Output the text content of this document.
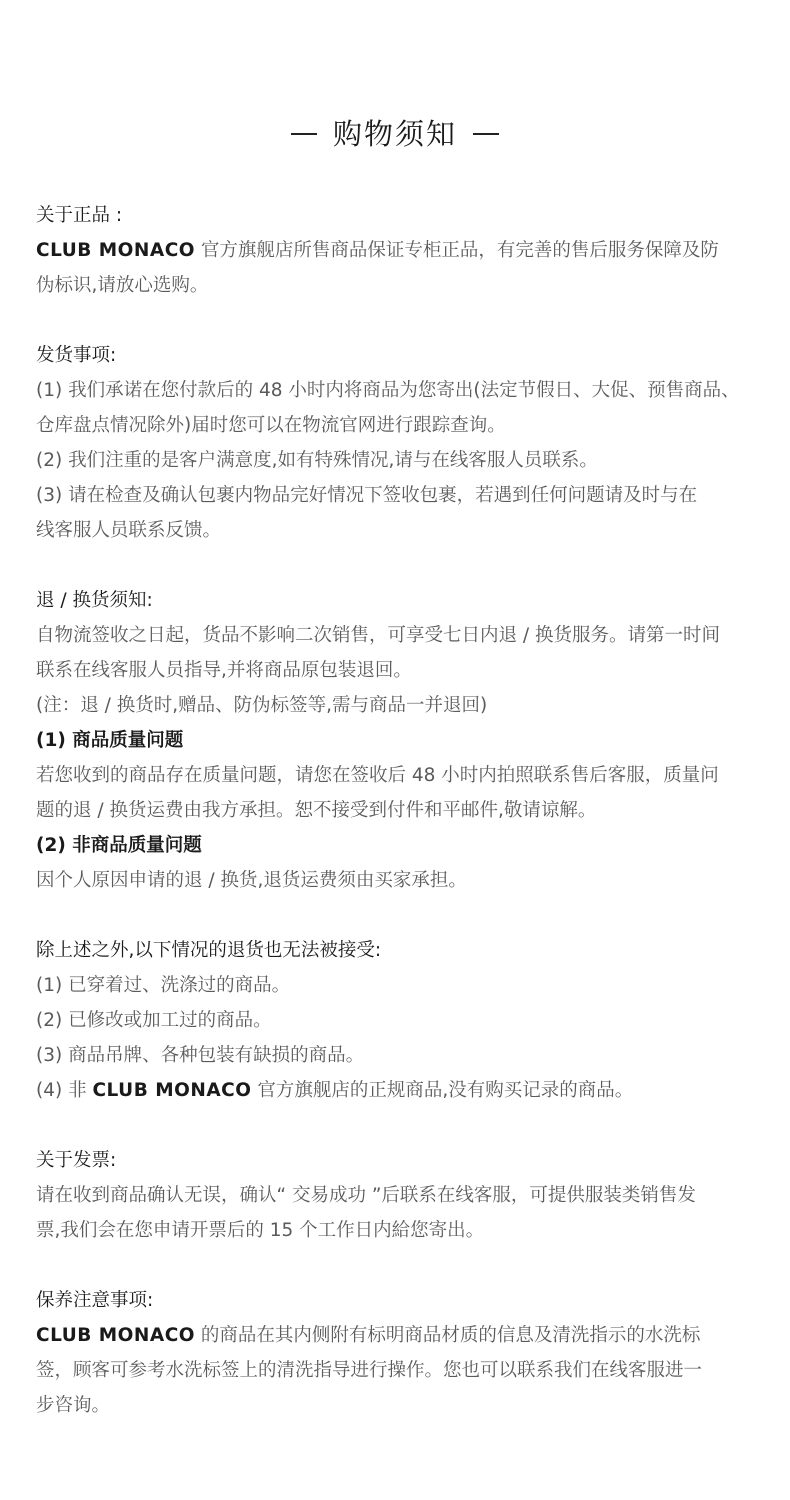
购物须知
关于正品 :
CLUB MONACO 官方旗舰店所售商品保证专柜正品，有完善的售后服务保障及防
伪标识,请放心选购。
发货事项:
(1) 我们承诺在您付款后的 48 小时内将商品为您寄出(法定节假日、大促、预售商品、
仓库盘点情况除外)届时您可以在物流官网进行跟踪查询。
(2) 我们注重的是客户满意度,如有特殊情况,请与在线客服人员联系。
(3) 请在检查及确认包裹内物品完好情况下签收包裹，若遇到任何问题请及时与在
线客服人员联系反馈。
退 / 换货须知:
自物流签收之日起，货品不影响二次销售，可享受七日内退 / 换货服务。请第一时间
联系在线客服人员指导,并将商品原包装退回。
(注：退 / 换货时,赠品、防伪标签等,需与商品一并退回)
(1) 商品质量问题
若您收到的商品存在质量问题，请您在签收后 48 小时内拍照联系售后客服，质量问
题的退 / 换货运费由我方承担。恕不接受到付件和平邮件,敬请谅解。
(2) 非商品质量问题
因个人原因申请的退 / 换货,退货运费须由买家承担。
除上述之外,以下情况的退货也无法被接受:
(1) 已穿着过、洗涤过的商品。
(2) 已修改或加工过的商品。
(3) 商品吊牌、各种包装有缺损的商品。
(4) 非 CLUB MONACO 官方旗舰店的正规商品,没有购买记录的商品。
关于发票:
请在收到商品确认无误，确认“ 交易成功 ”后联系在线客服，可提供服装类销售发
票,我们会在您申请开票后的 15 个工作日内給您寄出。
保养注意事项:
CLUB MONACO 的商品在其内侧附有标明商品材质的信息及清洗指示的水洗标
签，顾客可参考水洗标签上的清洗指导进行操作。您也可以联系我们在线客服进一
步咨询。
